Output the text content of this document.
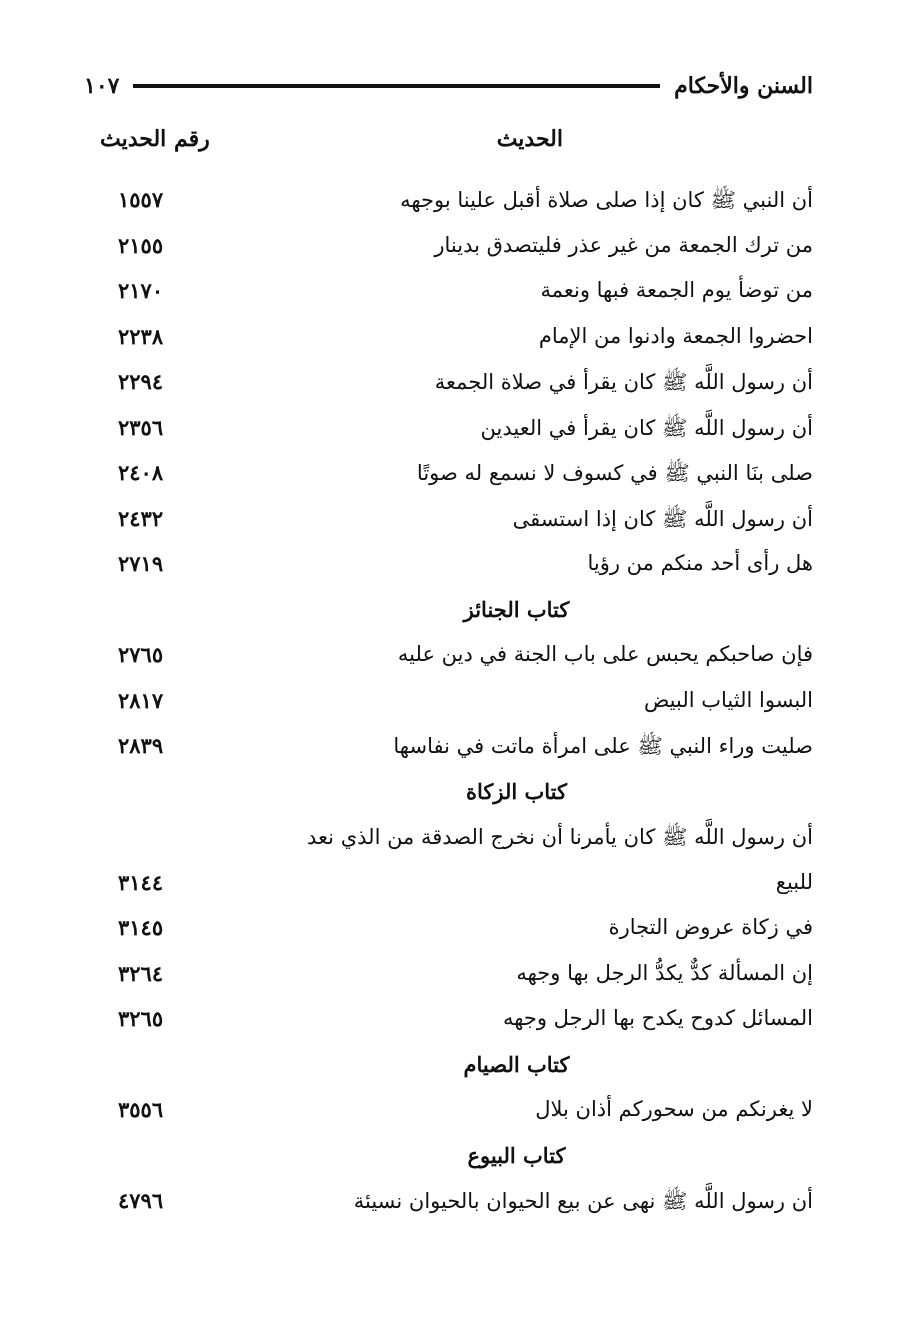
السنن والأحكام
١٠٧
الحديث
رقم الحديث
أن النبي ﷺ كان إذا صلى صلاة أقبل علينا بوجهه
١٥٥٧
من ترك الجمعة من غير عذر فليتصدق بدينار
٢١٥٥
من توضأ يوم الجمعة فبها ونعمة
٢١٧٠
احضروا الجمعة وادنوا من الإمام
٢٢٣٨
أن رسول اللَّه ﷺ كان يقرأ في صلاة الجمعة
٢٢٩٤
أن رسول اللَّه ﷺ كان يقرأ في العيدين
٢٣٥٦
صلى بنَا النبي ﷺ في كسوف لا نسمع له صوتًا
٢٤٠٨
أن رسول اللَّه ﷺ كان إذا استسقى
٢٤٣٢
هل رأى أحد منكم من رؤيا
٢٧١٩
كتاب الجنائز
فإن صاحبكم يحبس على باب الجنة في دين عليه
٢٧٦٥
البسوا الثياب البيض
٢٨١٧
صليت وراء النبي ﷺ على امرأة ماتت في نفاسها
٢٨٣٩
كتاب الزكاة
أن رسول اللَّه ﷺ كان يأمرنا أن نخرج الصدقة من الذي نعد
للبيع
٣١٤٤
في زكاة عروض التجارة
٣١٤٥
إن المسألة كدٌّ يكدُّ الرجل بها وجهه
٣٢٦٤
المسائل كدوح يكدح بها الرجل وجهه
٣٢٦٥
كتاب الصيام
لا يغرنكم من سحوركم أذان بلال
٣٥٥٦
كتاب البيوع
أن رسول اللَّه ﷺ نهى عن بيع الحيوان بالحيوان نسيئة
٤٧٩٦
